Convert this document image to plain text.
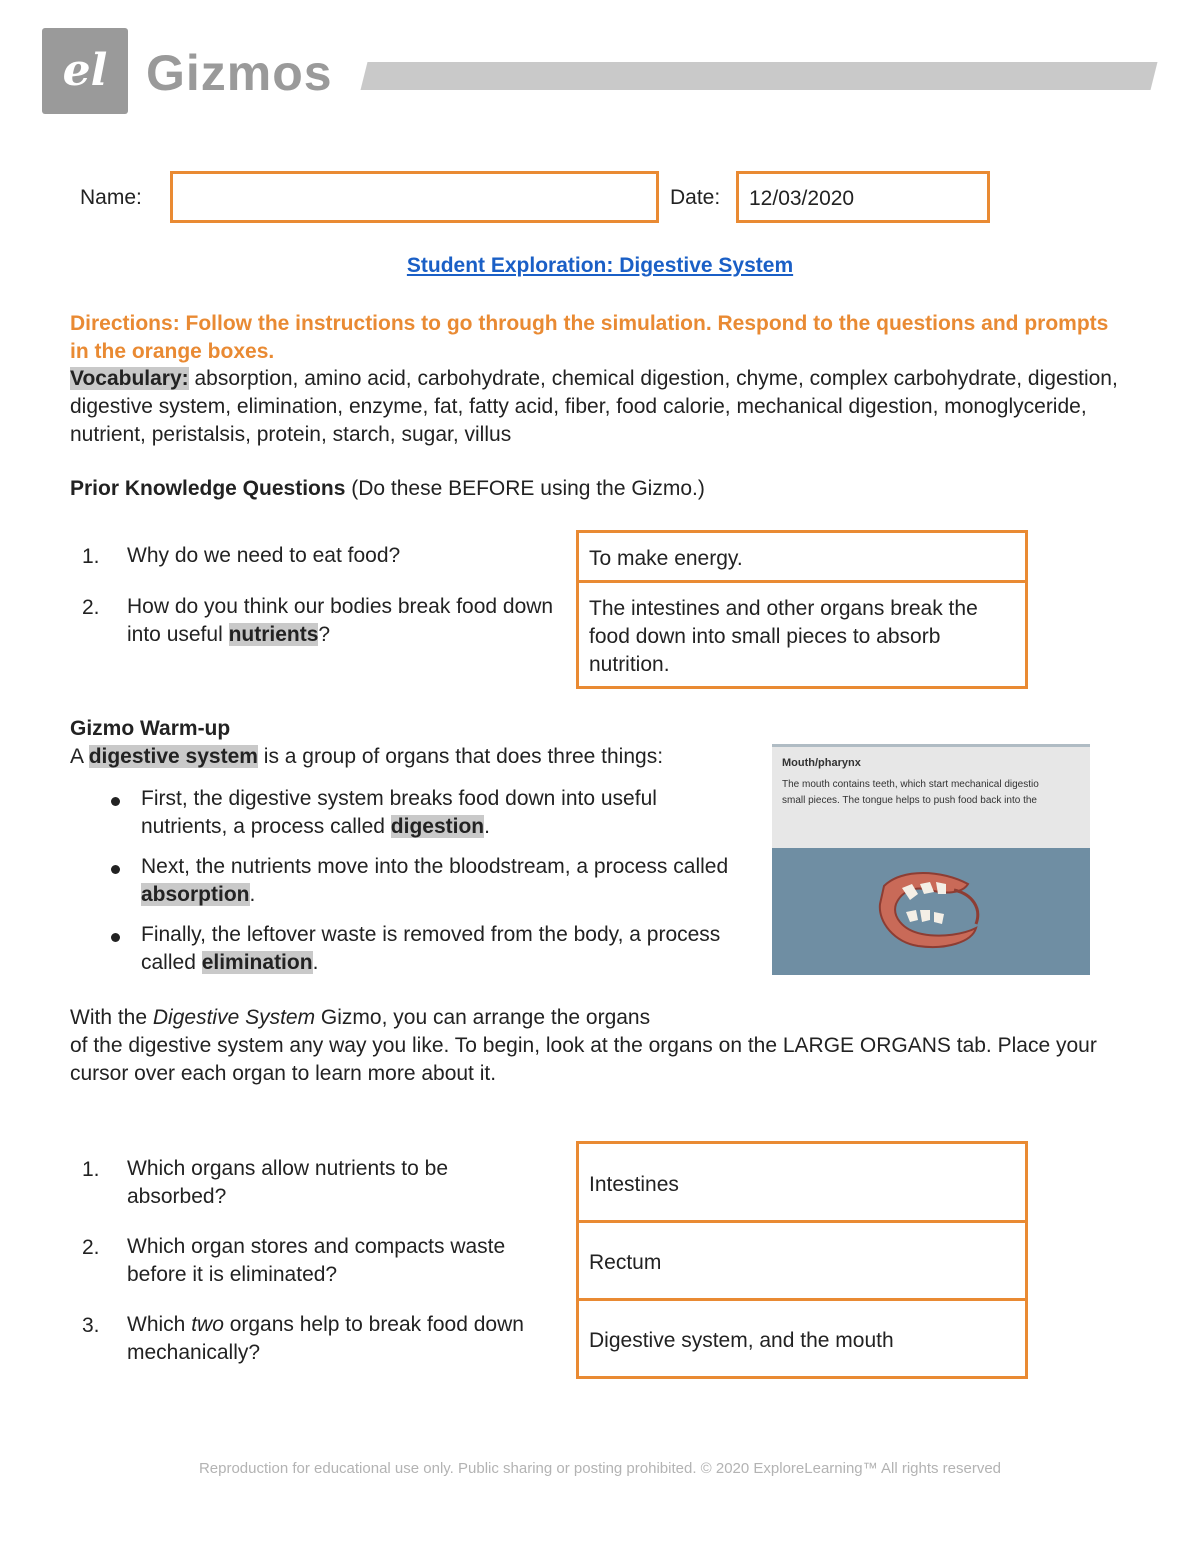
el Gizmos
Name:	Date: 12/03/2020
Student Exploration: Digestive System
Directions: Follow the instructions to go through the simulation. Respond to the questions and prompts in the orange boxes.
Vocabulary: absorption, amino acid, carbohydrate, chemical digestion, chyme, complex carbohydrate, digestion, digestive system, elimination, enzyme, fat, fatty acid, fiber, food calorie, mechanical digestion, monoglyceride, nutrient, peristalsis, protein, starch, sugar, villus
Prior Knowledge Questions (Do these BEFORE using the Gizmo.)
1. Why do we need to eat food?
2. How do you think our bodies break food down into useful nutrients?
To make energy.
The intestines and other organs break the food down into small pieces to absorb nutrition.
Gizmo Warm-up
A digestive system is a group of organs that does three things:
First, the digestive system breaks food down into useful nutrients, a process called digestion.
Next, the nutrients move into the bloodstream, a process called absorption.
Finally, the leftover waste is removed from the body, a process called elimination.
Mouth/pharynx
The mouth contains teeth, which start mechanical digestio
small pieces. The tongue helps to push food back into the
With the Digestive System Gizmo, you can arrange the organs
of the digestive system any way you like. To begin, look at the organs on the LARGE ORGANS tab. Place your cursor over each organ to learn more about it.
1. Which organs allow nutrients to be absorbed?
2. Which organ stores and compacts waste before it is eliminated?
3. Which two organs help to break food down mechanically?
Intestines
Rectum
Digestive system, and the mouth
Reproduction for educational use only. Public sharing or posting prohibited. © 2020 ExploreLearning™ All rights reserved
